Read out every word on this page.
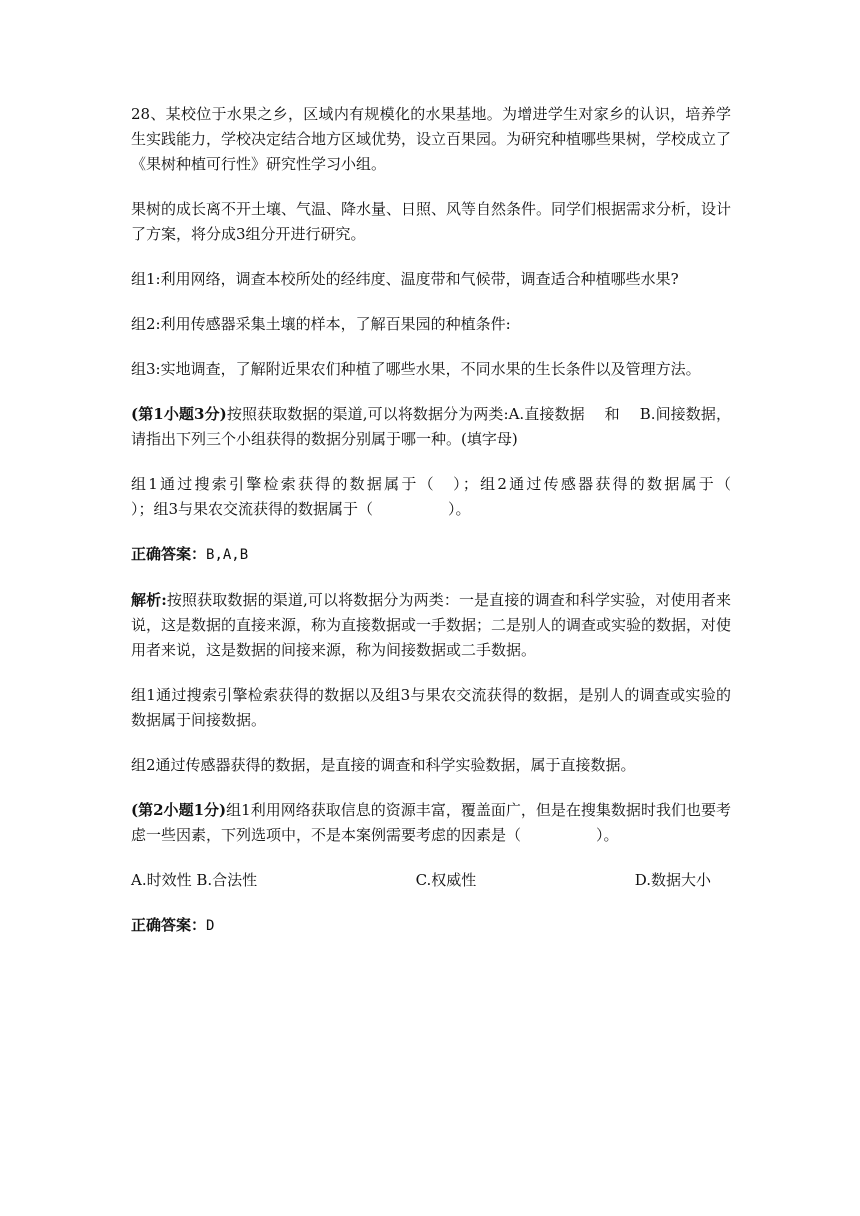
28、某校位于水果之乡，区域内有规模化的水果基地。为增进学生对家乡的认识，培养学生实践能力，学校决定结合地方区域优势，设立百果园。为研究种植哪些果树，学校成立了《果树种植可行性》研究性学习小组。

果树的成长离不开土壤、气温、降水量、日照、风等自然条件。同学们根据需求分析，设计了方案，将分成3组分开进行研究。

组1:利用网络，调查本校所处的经纬度、温度带和气候带，调查适合种植哪些水果?

组2:利用传感器采集土壤的样本，了解百果园的种植条件:

组3:实地调查，了解附近果农们种植了哪些水果，不同水果的生长条件以及管理方法。

(第1小题3分)按照获取数据的渠道,可以将数据分为两类:A.直接数据　 和　 B.间接数据，请指出下列三个小组获得的数据分别属于哪一种。(填字母)

组1通过搜索引擎检索获得的数据属于（　）；组2通过传感器获得的数据属于（　　　　　）；组3与果农交流获得的数据属于（　　　　　）。

正确答案：B,A,B

解析:按照获取数据的渠道,可以将数据分为两类：一是直接的调查和科学实验，对使用者来说，这是数据的直接来源，称为直接数据或一手数据；二是别人的调查或实验的数据，对使用者来说，这是数据的间接来源，称为间接数据或二手数据。

组1通过搜索引擎检索获得的数据以及组3与果农交流获得的数据，是别人的调查或实验的数据属于间接数据。

组2通过传感器获得的数据，是直接的调查和科学实验数据，属于直接数据。

(第2小题1分)组1利用网络获取信息的资源丰富，覆盖面广，但是在搜集数据时我们也要考虑一些因素，下列选项中，不是本案例需要考虑的因素是（　　　　　）。

A.时效性 B.合法性	C.权威性	D.数据大小

正确答案：D
